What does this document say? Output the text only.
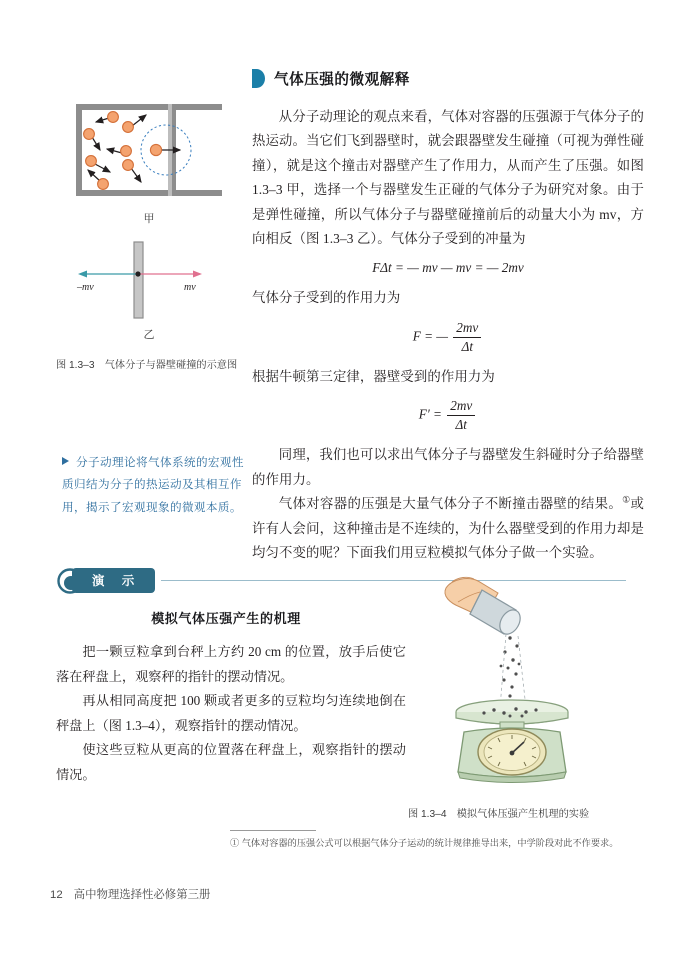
甲
–mv	mv
乙
图 1.3–3　气体分子与器壁碰撞的示意图
分子动理论将气体系统的宏观性质归结为分子的热运动及其相互作用，揭示了宏观现象的微观本质。
气体压强的微观解释

从分子动理论的观点来看，气体对容器的压强源于气体分子的热运动。当它们飞到器壁时，就会跟器壁发生碰撞（可视为弹性碰撞），就是这个撞击对器壁产生了作用力，从而产生了压强。如图 1.3–3 甲，选择一个与器壁发生正碰的气体分子为研究对象。由于是弹性碰撞，所以气体分子与器壁碰撞前后的动量大小为 mv，方向相反（图 1.3–3 乙）。气体分子受到的冲量为

FΔt = — mv — mv = — 2mv

气体分子受到的作用力为

F = — $\frac{2mv}{\Delta t}$

根据牛顿第三定律，器壁受到的作用力为

$F' = \frac{2mv}{\Delta t}$

同理，我们也可以求出气体分子与器壁发生斜碰时分子给器壁的作用力。

气体对容器的压强是大量气体分子不断撞击器壁的结果。①或许有人会问，这种撞击是不连续的，为什么器壁受到的作用力却是均匀不变的呢？下面我们用豆粒模拟气体分子做一个实验。

演 示
模拟气体压强产生的机理

把一颗豆粒拿到台秤上方约 20 cm 的位置，放手后使它落在秤盘上，观察秤的指针的摆动情况。

再从相同高度把 100 颗或者更多的豆粒均匀连续地倒在秤盘上（图 1.3–4），观察指针的摆动情况。

使这些豆粒从更高的位置落在秤盘上，观察指针的摆动情况。

图 1.3–4　模拟气体压强产生机理的实验
① 气体对容器的压强公式可以根据气体分子运动的统计规律推导出来，中学阶段对此不作要求。
12 高中物理选择性必修第三册
